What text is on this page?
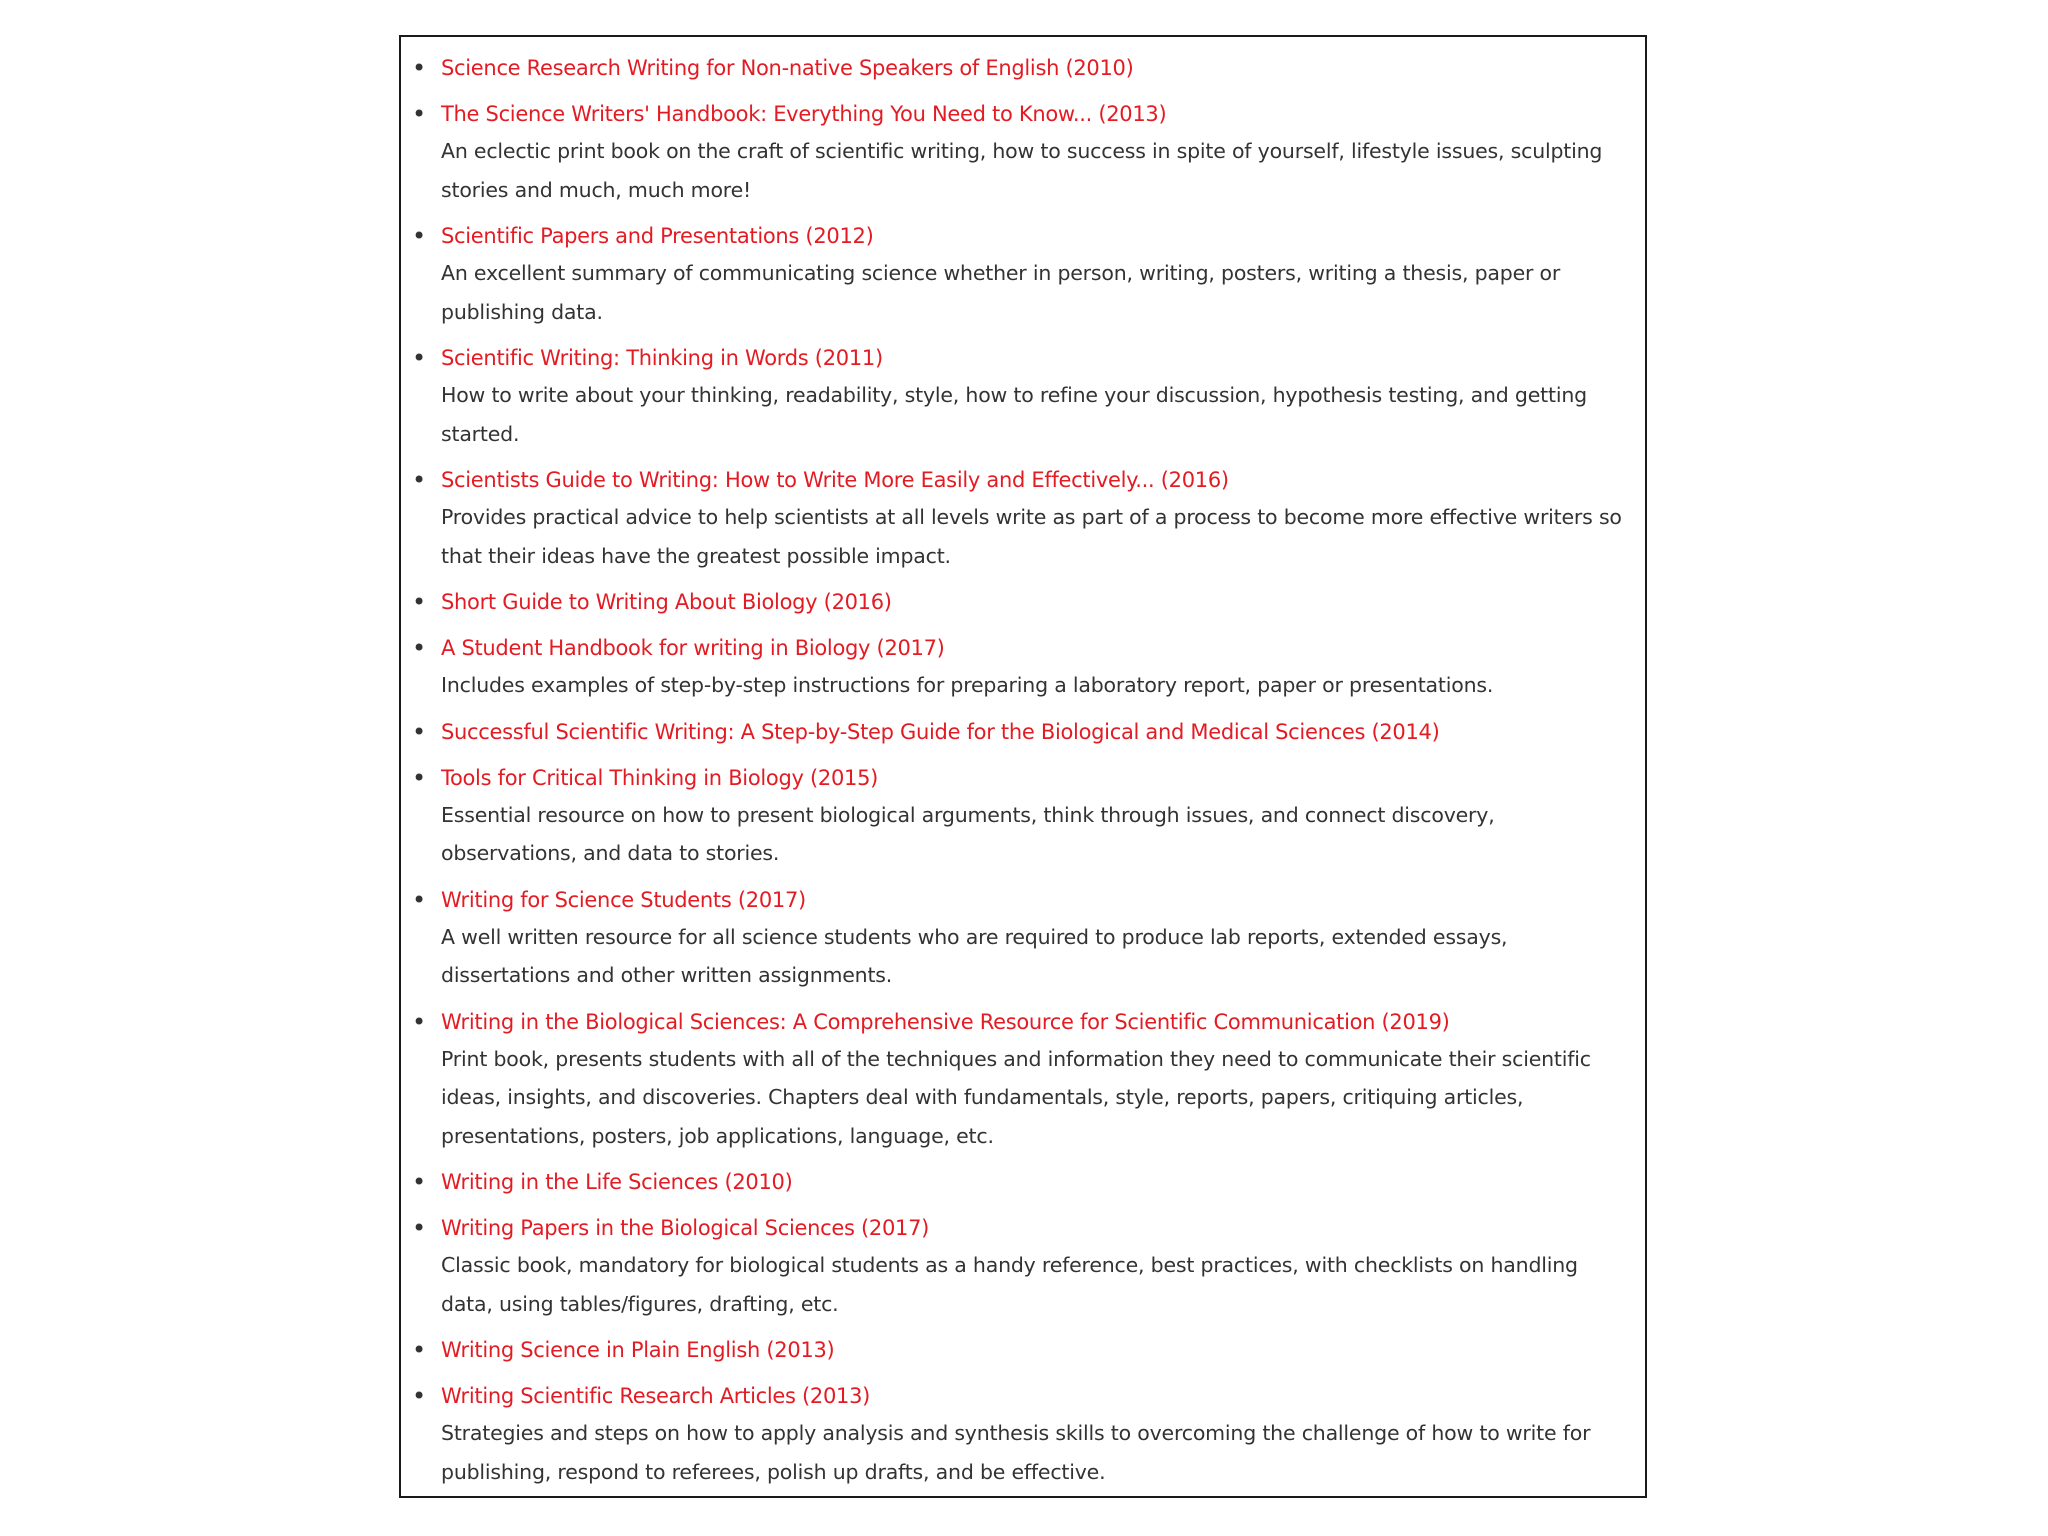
• Science Research Writing for Non-native Speakers of English (2010)
• The Science Writers' Handbook: Everything You Need to Know... (2013)
An eclectic print book on the craft of scientific writing, how to success in spite of yourself, lifestyle issues, sculpting stories and much, much more!
• Scientific Papers and Presentations (2012)
An excellent summary of communicating science whether in person, writing, posters, writing a thesis, paper or publishing data.
• Scientific Writing: Thinking in Words (2011)
How to write about your thinking, readability, style, how to refine your discussion, hypothesis testing, and getting started.
• Scientists Guide to Writing: How to Write More Easily and Effectively... (2016)
Provides practical advice to help scientists at all levels write as part of a process to become more effective writers so that their ideas have the greatest possible impact.
• Short Guide to Writing About Biology (2016)
• A Student Handbook for writing in Biology (2017)
Includes examples of step-by-step instructions for preparing a laboratory report, paper or presentations.
• Successful Scientific Writing: A Step-by-Step Guide for the Biological and Medical Sciences (2014)
• Tools for Critical Thinking in Biology (2015)
Essential resource on how to present biological arguments, think through issues, and connect discovery, observations, and data to stories.
• Writing for Science Students (2017)
A well written resource for all science students who are required to produce lab reports, extended essays, dissertations and other written assignments.
• Writing in the Biological Sciences: A Comprehensive Resource for Scientific Communication (2019)
Print book, presents students with all of the techniques and information they need to communicate their scientific ideas, insights, and discoveries. Chapters deal with fundamentals, style, reports, papers, critiquing articles, presentations, posters, job applications, language, etc.
• Writing in the Life Sciences (2010)
• Writing Papers in the Biological Sciences (2017)
Classic book, mandatory for biological students as a handy reference, best practices, with checklists on handling data, using tables/figures, drafting, etc.
• Writing Science in Plain English (2013)
• Writing Scientific Research Articles (2013)
Strategies and steps on how to apply analysis and synthesis skills to overcoming the challenge of how to write for publishing, respond to referees, polish up drafts, and be effective.
